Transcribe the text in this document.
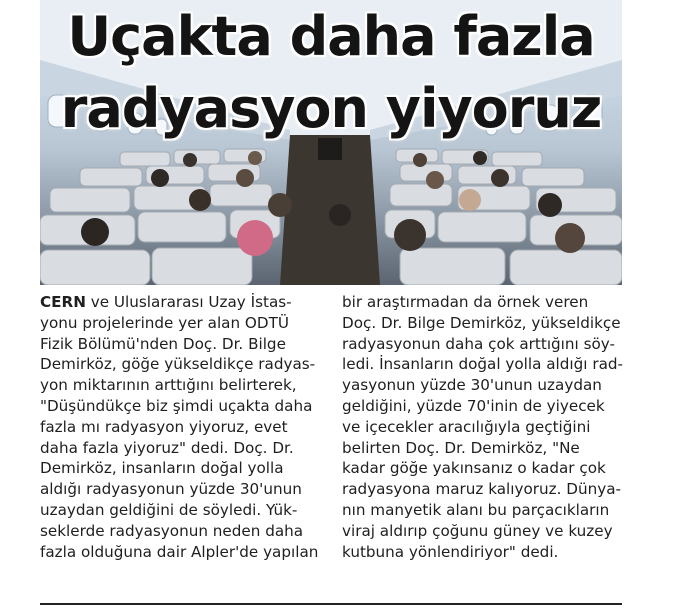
Uçakta daha fazla
radyasyon yiyoruz
CERN ve Uluslararası Uzay İstas-
yonu projelerinde yer alan ODTÜ
Fizik Bölümü'nden Doç. Dr. Bilge
Demirköz, göğe yükseldikçe radyas-
yon miktarının arttığını belirterek,
"Düşündükçe biz şimdi uçakta daha
fazla mı radyasyon yiyoruz, evet
daha fazla yiyoruz" dedi. Doç. Dr.
Demirköz, insanların doğal yolla
aldığı radyasyonun yüzde 30'unun
uzaydan geldiğini de söyledi. Yük-
seklerde radyasyonun neden daha
fazla olduğuna dair Alpler'de yapılan
bir araştırmadan da örnek veren
Doç. Dr. Bilge Demirköz, yükseldikçe
radyasyonun daha çok arttığını söy-
ledi. İnsanların doğal yolla aldığı rad-
yasyonun yüzde 30'unun uzaydan
geldiğini, yüzde 70'inin de yiyecek
ve içecekler aracılığıyla geçtiğini
belirten Doç. Dr. Demirköz, "Ne
kadar göğe yakınsanız o kadar çok
radyasyona maruz kalıyoruz. Dünya-
nın manyetik alanı bu parçacıkların
viraj aldırıp çoğunu güney ve kuzey
kutbuna yönlendiriyor" dedi.
